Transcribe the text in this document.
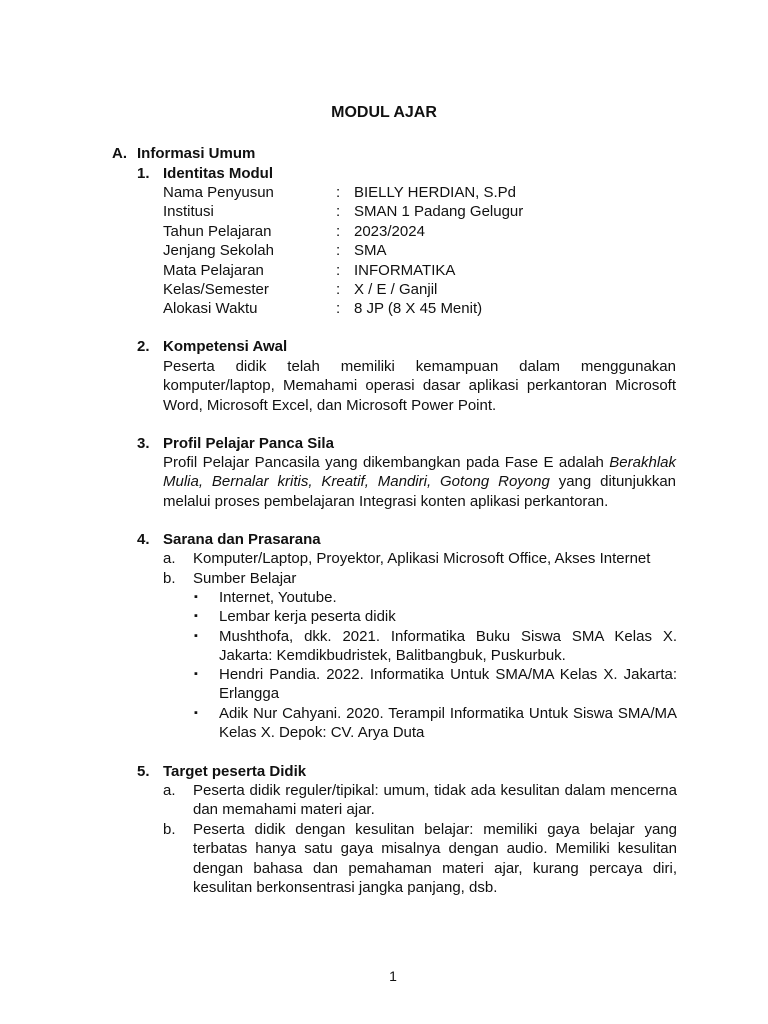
MODUL AJAR
A. Informasi Umum
1. Identitas Modul
Nama Penyusun	: BIELLY HERDIAN, S.Pd
Institusi	: SMAN 1 Padang Gelugur
Tahun Pelajaran	: 2023/2024
Jenjang Sekolah	: SMA
Mata Pelajaran	: INFORMATIKA
Kelas/Semester	: X / E / Ganjil
Alokasi Waktu	: 8 JP (8 X 45 Menit)
2. Kompetensi Awal
Peserta didik telah memiliki kemampuan dalam menggunakan komputer/laptop, Memahami operasi dasar aplikasi perkantoran Microsoft Word, Microsoft Excel, dan Microsoft Power Point.
3. Profil Pelajar Panca Sila
Profil Pelajar Pancasila yang dikembangkan pada Fase E adalah Berakhlak Mulia, Bernalar kritis, Kreatif, Mandiri, Gotong Royong yang ditunjukkan melalui proses pembelajaran Integrasi konten aplikasi perkantoran.
4. Sarana dan Prasarana
a. Komputer/Laptop, Proyektor, Aplikasi Microsoft Office, Akses Internet
b. Sumber Belajar
▪ Internet, Youtube.
▪ Lembar kerja peserta didik
▪ Mushthofa, dkk. 2021. Informatika Buku Siswa SMA Kelas X. Jakarta: Kemdikbudristek, Balitbangbuk, Puskurbuk.
▪ Hendri Pandia. 2022. Informatika Untuk SMA/MA Kelas X. Jakarta: Erlangga
▪ Adik Nur Cahyani. 2020. Terampil Informatika Untuk Siswa SMA/MA Kelas X. Depok: CV. Arya Duta
5. Target peserta Didik
a. Peserta didik reguler/tipikal: umum, tidak ada kesulitan dalam mencerna dan memahami materi ajar.
b. Peserta didik dengan kesulitan belajar: memiliki gaya belajar yang terbatas hanya satu gaya misalnya dengan audio. Memiliki kesulitan dengan bahasa dan pemahaman materi ajar, kurang percaya diri, kesulitan berkonsentrasi jangka panjang, dsb.
1
